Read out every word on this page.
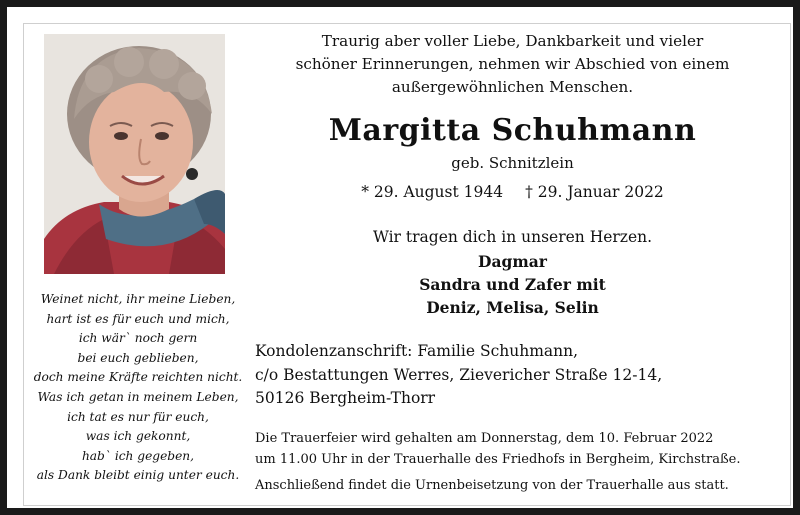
Weinet nicht, ihr meine Lieben,
hart ist es für euch und mich,
ich wär` noch gern
bei euch geblieben,
doch meine Kräfte reichten nicht.
Was ich getan in meinem Leben,
ich tat es nur für euch,
was ich gekonnt,
hab` ich gegeben,
als Dank bleibt einig unter euch.
Traurig aber voller Liebe, Dankbarkeit und vieler
schöner Erinnerungen, nehmen wir Abschied von einem
außergewöhnlichen Menschen.
Margitta Schuhmann
geb. Schnitzlein
* 29. August 1944 † 29. Januar 2022
Wir tragen dich in unseren Herzen.
Dagmar
Sandra und Zafer mit
Deniz, Melisa, Selin
Kondolenzanschrift: Familie Schuhmann,
c/o Bestattungen Werres, Zievericher Straße 12-14,
50126 Bergheim-Thorr
Die Trauerfeier wird gehalten am Donnerstag, dem 10. Februar 2022
um 11.00 Uhr in der Trauerhalle des Friedhofs in Bergheim, Kirchstraße.
Anschließend findet die Urnenbeisetzung von der Trauerhalle aus statt.
